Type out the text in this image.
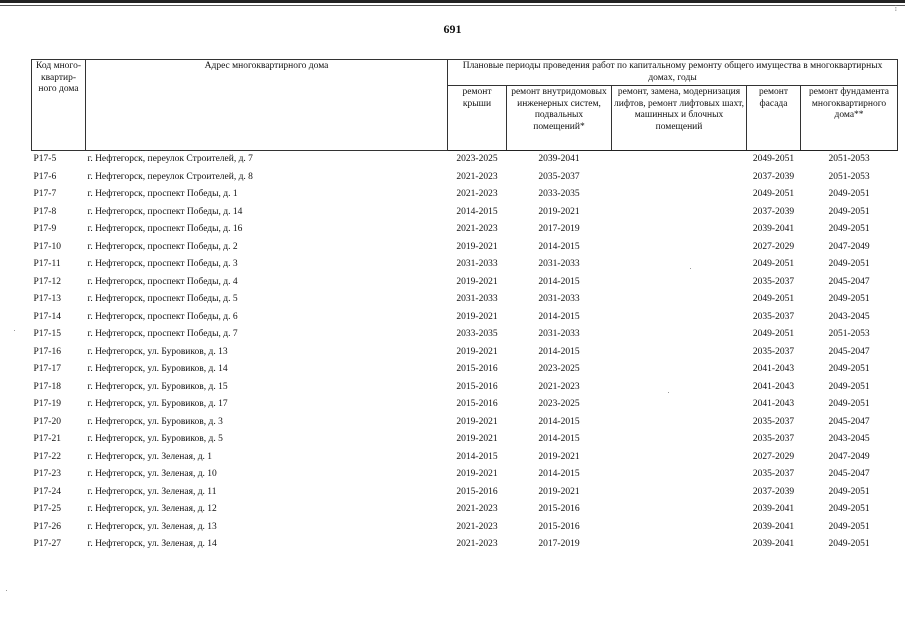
⁞
691
Код много-квартир-ного дома	Адрес многоквартирного дома	Плановые периоды проведения работ по капитальному ремонту общего имущества в многоквартирных домах, годы				
		ремонт крыши	ремонт внутридомовых инженерных систем, подвальных помещений*	ремонт, замена, модернизация лифтов, ремонт лифтовых шахт, машинных и блочных помещений	ремонт фасада	ремонт фундамента многоквартирного дома**
P17-5	г. Нефтегорск, переулок Строителей, д. 7	2023-2025	2039-2041		2049-2051	2051-2053
P17-6	г. Нефтегорск, переулок Строителей, д. 8	2021-2023	2035-2037		2037-2039	2051-2053
P17-7	г. Нефтегорск, проспект Победы, д. 1	2021-2023	2033-2035		2049-2051	2049-2051
P17-8	г. Нефтегорск, проспект Победы, д. 14	2014-2015	2019-2021		2037-2039	2049-2051
P17-9	г. Нефтегорск, проспект Победы, д. 16	2021-2023	2017-2019		2039-2041	2049-2051
P17-10	г. Нефтегорск, проспект Победы, д. 2	2019-2021	2014-2015		2027-2029	2047-2049
P17-11	г. Нефтегорск, проспект Победы, д. 3	2031-2033	2031-2033		2049-2051	2049-2051
P17-12	г. Нефтегорск, проспект Победы, д. 4	2019-2021	2014-2015		2035-2037	2045-2047
P17-13	г. Нефтегорск, проспект Победы, д. 5	2031-2033	2031-2033		2049-2051	2049-2051
P17-14	г. Нефтегорск, проспект Победы, д. 6	2019-2021	2014-2015		2035-2037	2043-2045
P17-15	г. Нефтегорск, проспект Победы, д. 7	2033-2035	2031-2033		2049-2051	2051-2053
P17-16	г. Нефтегорск, ул. Буровиков, д. 13	2019-2021	2014-2015		2035-2037	2045-2047
P17-17	г. Нефтегорск, ул. Буровиков, д. 14	2015-2016	2023-2025		2041-2043	2049-2051
P17-18	г. Нефтегорск, ул. Буровиков, д. 15	2015-2016	2021-2023		2041-2043	2049-2051
P17-19	г. Нефтегорск, ул. Буровиков, д. 17	2015-2016	2023-2025		2041-2043	2049-2051
P17-20	г. Нефтегорск, ул. Буровиков, д. 3	2019-2021	2014-2015		2035-2037	2045-2047
P17-21	г. Нефтегорск, ул. Буровиков, д. 5	2019-2021	2014-2015		2035-2037	2043-2045
P17-22	г. Нефтегорск, ул. Зеленая, д. 1	2014-2015	2019-2021		2027-2029	2047-2049
P17-23	г. Нефтегорск, ул. Зеленая, д. 10	2019-2021	2014-2015		2035-2037	2045-2047
P17-24	г. Нефтегорск, ул. Зеленая, д. 11	2015-2016	2019-2021		2037-2039	2049-2051
P17-25	г. Нефтегорск, ул. Зеленая, д. 12	2021-2023	2015-2016		2039-2041	2049-2051
P17-26	г. Нефтегорск, ул. Зеленая, д. 13	2021-2023	2015-2016		2039-2041	2049-2051
P17-27	г. Нефтегорск, ул. Зеленая, д. 14	2021-2023	2017-2019		2039-2041	2049-2051
